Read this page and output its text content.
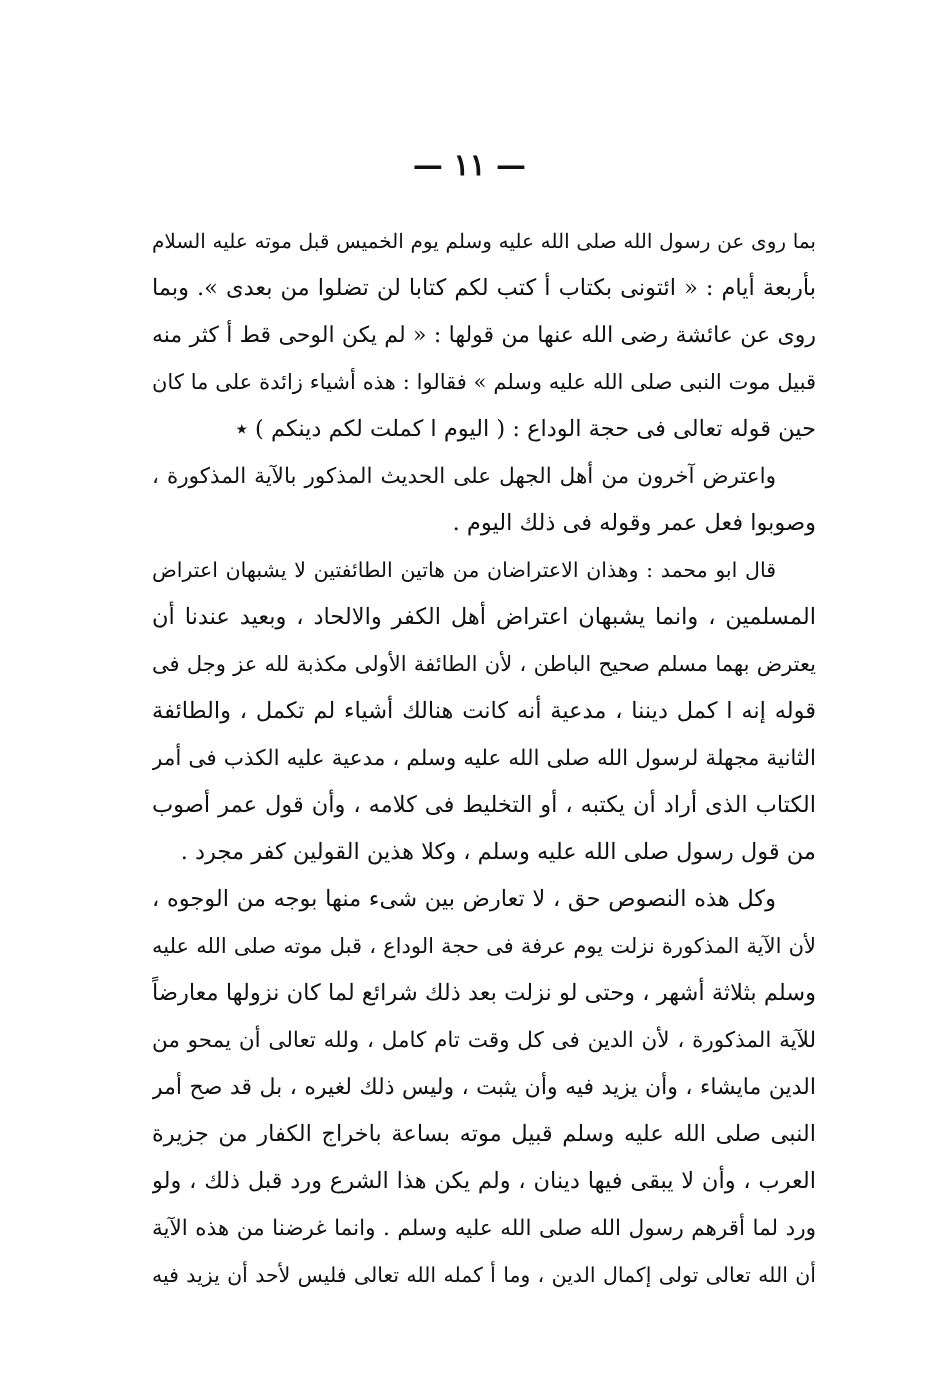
— ١١ —
بما روى عن رسول الله صلى الله عليه وسلم يوم الخميس قبل موته عليه السلام
بأربعة أيام : « ائتونى بكتاب أ كتب لكم كتابا لن تضلوا من بعدى ». وبما
روى عن عائشة رضى الله عنها من قولها : « لم يكن الوحى قط أ كثر منه
قبيل موت النبى صلى الله عليه وسلم » فقالوا : هذه أشياء زائدة على ما كان
حين قوله تعالى فى حجة الوداع : ( اليوم ا كملت لكم دينكم ) ٭
واعترض آخرون من أهل الجهل على الحديث المذكور بالآية المذكورة ،
وصوبوا فعل عمر وقوله فى ذلك اليوم .
قال ابو محمد : وهذان الاعتراضان من هاتين الطائفتين لا يشبهان اعتراض
المسلمين ، وانما يشبهان اعتراض أهل الكفر والالحاد ، وبعيد عندنا أن
يعترض بهما مسلم صحيح الباطن ، لأن الطائفة الأولى مكذبة لله عز وجل فى
قوله إنه ا كمل ديننا ، مدعية أنه كانت هنالك أشياء لم تكمل ، والطائفة
الثانية مجهلة لرسول الله صلى الله عليه وسلم ، مدعية عليه الكذب فى أمر
الكتاب الذى أراد أن يكتبه ، أو التخليط فى كلامه ، وأن قول عمر أصوب
من قول رسول صلى الله عليه وسلم ، وكلا هذين القولين كفر مجرد .
وكل هذه النصوص حق ، لا تعارض بين شىء منها بوجه من الوجوه ،
لأن الآية المذكورة نزلت يوم عرفة فى حجة الوداع ، قبل موته صلى الله عليه
وسلم بثلاثة أشهر ، وحتى لو نزلت بعد ذلك شرائع لما كان نزولها معارضاً
للآية المذكورة ، لأن الدين فى كل وقت تام كامل ، ولله تعالى أن يمحو من
الدين مايشاء ، وأن يزيد فيه وأن يثبت ، وليس ذلك لغيره ، بل قد صح أمر
النبى صلى الله عليه وسلم قبيل موته بساعة باخراج الكفار من جزيرة
العرب ، وأن لا يبقى فيها دينان ، ولم يكن هذا الشرع ورد قبل ذلك ، ولو
ورد لما أقرهم رسول الله صلى الله عليه وسلم . وانما غرضنا من هذه الآية
أن الله تعالى تولى إكمال الدين ، وما أ كمله الله تعالى فليس لأحد أن يزيد فيه
